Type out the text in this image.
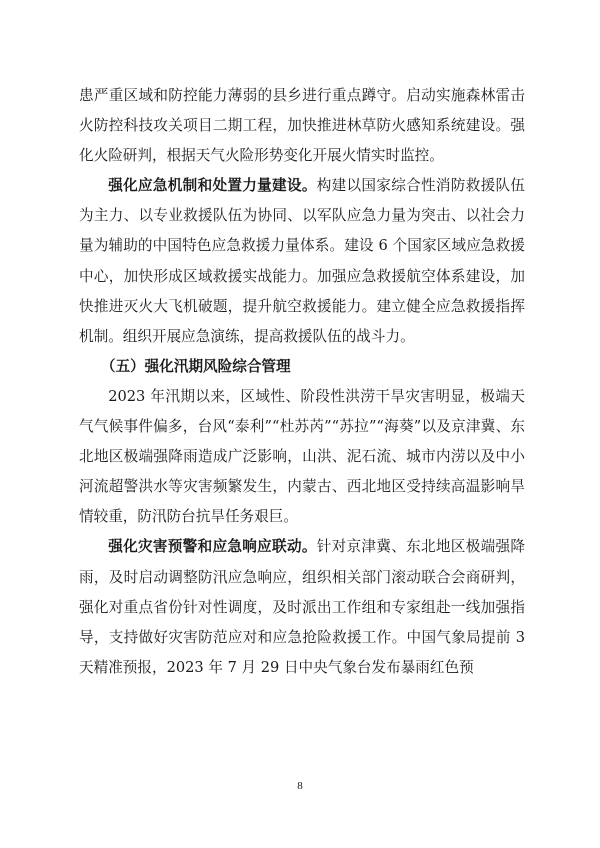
患严重区域和防控能力薄弱的县乡进行重点蹲守。启动实施森林雷击火防控科技攻关项目二期工程，加快推进林草防火感知系统建设。强化火险研判，根据天气火险形势变化开展火情实时监控。

强化应急机制和处置力量建设。构建以国家综合性消防救援队伍为主力、以专业救援队伍为协同、以军队应急力量为突击、以社会力量为辅助的中国特色应急救援力量体系。建设 6 个国家区域应急救援中心，加快形成区域救援实战能力。加强应急救援航空体系建设，加快推进灭火大飞机破题，提升航空救援能力。建立健全应急救援指挥机制。组织开展应急演练，提高救援队伍的战斗力。

（五）强化汛期风险综合管理

2023 年汛期以来，区域性、阶段性洪涝干旱灾害明显，极端天气气候事件偏多，台风“泰利”“杜苏芮”“苏拉”“海葵”以及京津冀、东北地区极端强降雨造成广泛影响，山洪、泥石流、城市内涝以及中小河流超警洪水等灾害频繁发生，内蒙古、西北地区受持续高温影响旱情较重，防汛防台抗旱任务艰巨。

强化灾害预警和应急响应联动。针对京津冀、东北地区极端强降雨，及时启动调整防汛应急响应，组织相关部门滚动联合会商研判，强化对重点省份针对性调度，及时派出工作组和专家组赴一线加强指导，支持做好灾害防范应对和应急抢险救援工作。中国气象局提前 3 天精准预报，2023 年 7 月 29 日中央气象台发布暴雨红色预

8
